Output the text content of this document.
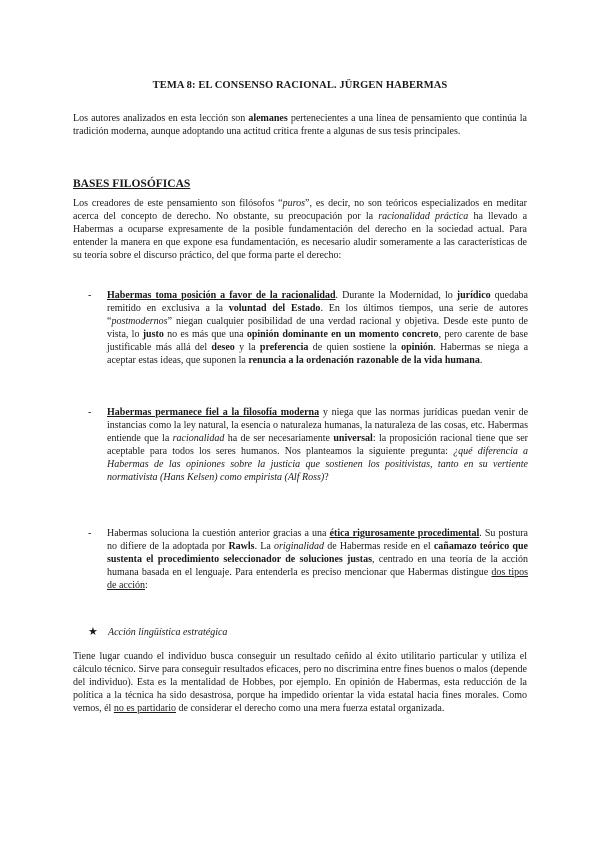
TEMA 8: EL CONSENSO RACIONAL. JÜRGEN HABERMAS
Los autores analizados en esta lección son alemanes pertenecientes a una línea de pensamiento que continúa la tradición moderna, aunque adoptando una actitud crítica frente a algunas de sus tesis principales.
BASES FILOSÓFICAS
Los creadores de este pensamiento son filósofos “puros”, es decir, no son teóricos especializados en meditar acerca del concepto de derecho. No obstante, su preocupación por la racionalidad práctica ha llevado a Habermas a ocuparse expresamente de la posible fundamentación del derecho en la sociedad actual. Para entender la manera en que expone esa fundamentación, es necesario aludir someramente a las características de su teoría sobre el discurso práctico, del que forma parte el derecho:
-	Habermas toma posición a favor de la racionalidad. Durante la Modernidad, lo jurídico quedaba remitido en exclusiva a la voluntad del Estado. En los últimos tiempos, una serie de autores “postmodernos” niegan cualquier posibilidad de una verdad racional y objetiva. Desde este punto de vista, lo justo no es más que una opinión dominante en un momento concreto, pero carente de base justificable más allá del deseo y la preferencia de quien sostiene la opinión. Habermas se niega a aceptar estas ideas, que suponen la renuncia a la ordenación razonable de la vida humana.
-	Habermas permanece fiel a la filosofía moderna y niega que las normas jurídicas puedan venir de instancias como la ley natural, la esencia o naturaleza humanas, la naturaleza de las cosas, etc. Habermas entiende que la racionalidad ha de ser necesariamente universal: la proposición racional tiene que ser aceptable para todos los seres humanos. Nos planteamos la siguiente pregunta: ¿qué diferencia a Habermas de las opiniones sobre la justicia que sostienen los positivistas, tanto en su vertiente normativista (Hans Kelsen) como empirista (Alf Ross)?
-	Habermas soluciona la cuestión anterior gracias a una ética rigurosamente procedimental. Su postura no difiere de la adoptada por Rawls. La originalidad de Habermas reside en el cañamazo teórico que sustenta el procedimiento seleccionador de soluciones justas, centrado en una teoría de la acción humana basada en el lenguaje. Para entenderla es preciso mencionar que Habermas distingue dos tipos de acción:
★ Acción lingüística estratégica
Tiene lugar cuando el individuo busca conseguir un resultado ceñido al éxito utilitario particular y utiliza el cálculo técnico. Sirve para conseguir resultados eficaces, pero no discrimina entre fines buenos o malos (depende del individuo). Esta es la mentalidad de Hobbes, por ejemplo. En opinión de Habermas, esta reducción de la política a la técnica ha sido desastrosa, porque ha impedido orientar la vida estatal hacia fines morales. Como vemos, él no es partidario de considerar el derecho como una mera fuerza estatal organizada.
